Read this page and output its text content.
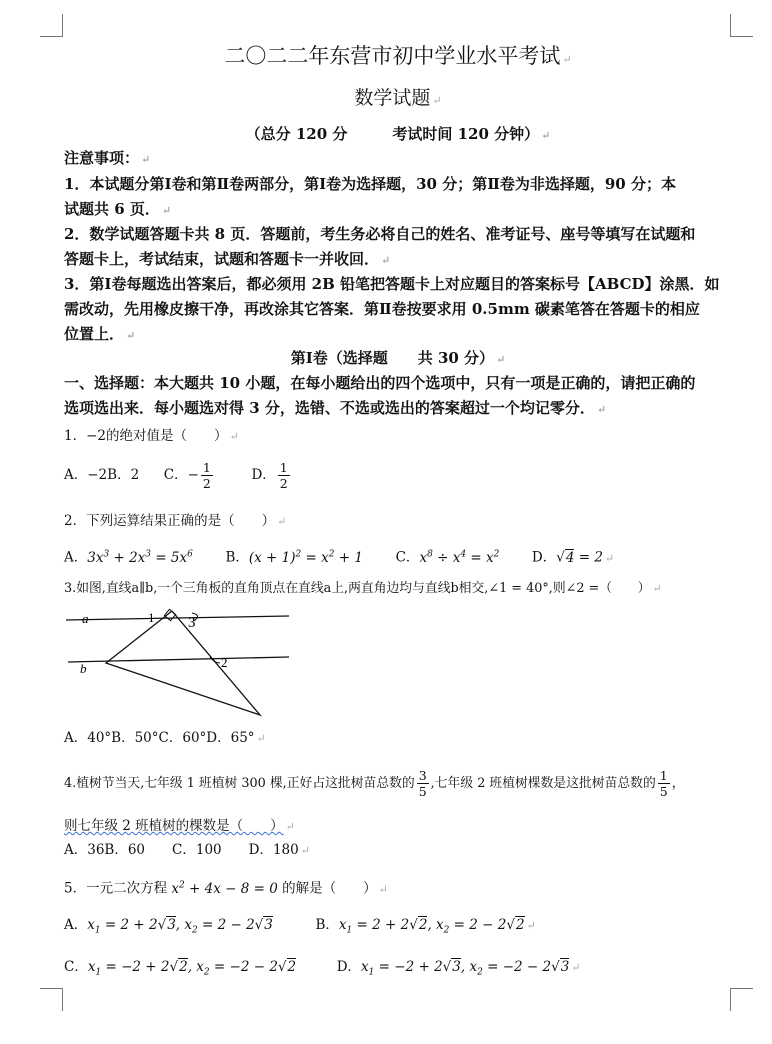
二〇二二年东营市初中学业水平考试 ↵
数学试题 ↵
（总分 120 分　　　考试时间 120 分钟） ↵
注意事项： ↵
1．本试题分第Ⅰ卷和第Ⅱ卷两部分，第Ⅰ卷为选择题，30 分；第Ⅱ卷为非选择题，90 分；本
试题共 6 页． ↵
2．数学试题答题卡共 8 页．答题前，考生务必将自己的姓名、准考证号、座号等填写在试题和
答题卡上，考试结束，试题和答题卡一并收回． ↵
3．第Ⅰ卷每题选出答案后，都必须用 2B 铅笔把答题卡上对应题目的答案标号【ABCD】涂黑．如
需改动，先用橡皮擦干净，再改涂其它答案．第Ⅱ卷按要求用 0.5mm 碳素笔答在答题卡的相应
位置上． ↵
第Ⅰ卷（选择题　　共 30 分） ↵
一、选择题：本大题共 10 小题，在每小题给出的四个选项中，只有一项是正确的，请把正确的
选项选出来．每小题选对得 3 分，选错、不选或选出的答案超过一个均记零分． ↵
1．−2的绝对值是（　　） ↵
A．−2B．2 C．− $\frac{1}{2}$	D． $\frac{1}{2}$
2．下列运算结果正确的是（　　） ↵
A．$3x^3 + 2x^3 = 5x^6$ B．$(x + 1)^2 = x^2 + 1$ C．$x^8 \div x^4 = x^2$ D．√4 = 2 ↵
3.如图,直线a∥b,一个三角板的直角顶点在直线a上,两直角边均与直线b相交,∠1 = 40°,则∠2 =（　　） ↵
A．40°B．50°C．60°D．65° ↵
4.植树节当天,七年级 1 班植树 300 棵,正好占这批树苗总数的 $\frac{3}{5}$ ,七年级 2 班植树棵数是这批树苗总数的 $\frac{1}{5}$ ，
则七年级 2 班植树的棵数是（　　） ↵
A．36B．60　　C．100　　D．180 ↵
5．一元二次方程 $x^2 + 4x - 8 = 0$ 的解是（　　） ↵
A．$x_1 = 2 + 2√3$, $x_2 = 2 - 2√3$	B．$x_1 = 2 + 2√2$, $x_2 = 2 - 2√2$ ↵
C．$x_1 = -2 + 2√2$, $x_2 = -2 - 2√2$	D．$x_1 = -2 + 2√3$, $x_2 = -2 - 2√3$ ↵
a
b
1
2
3
